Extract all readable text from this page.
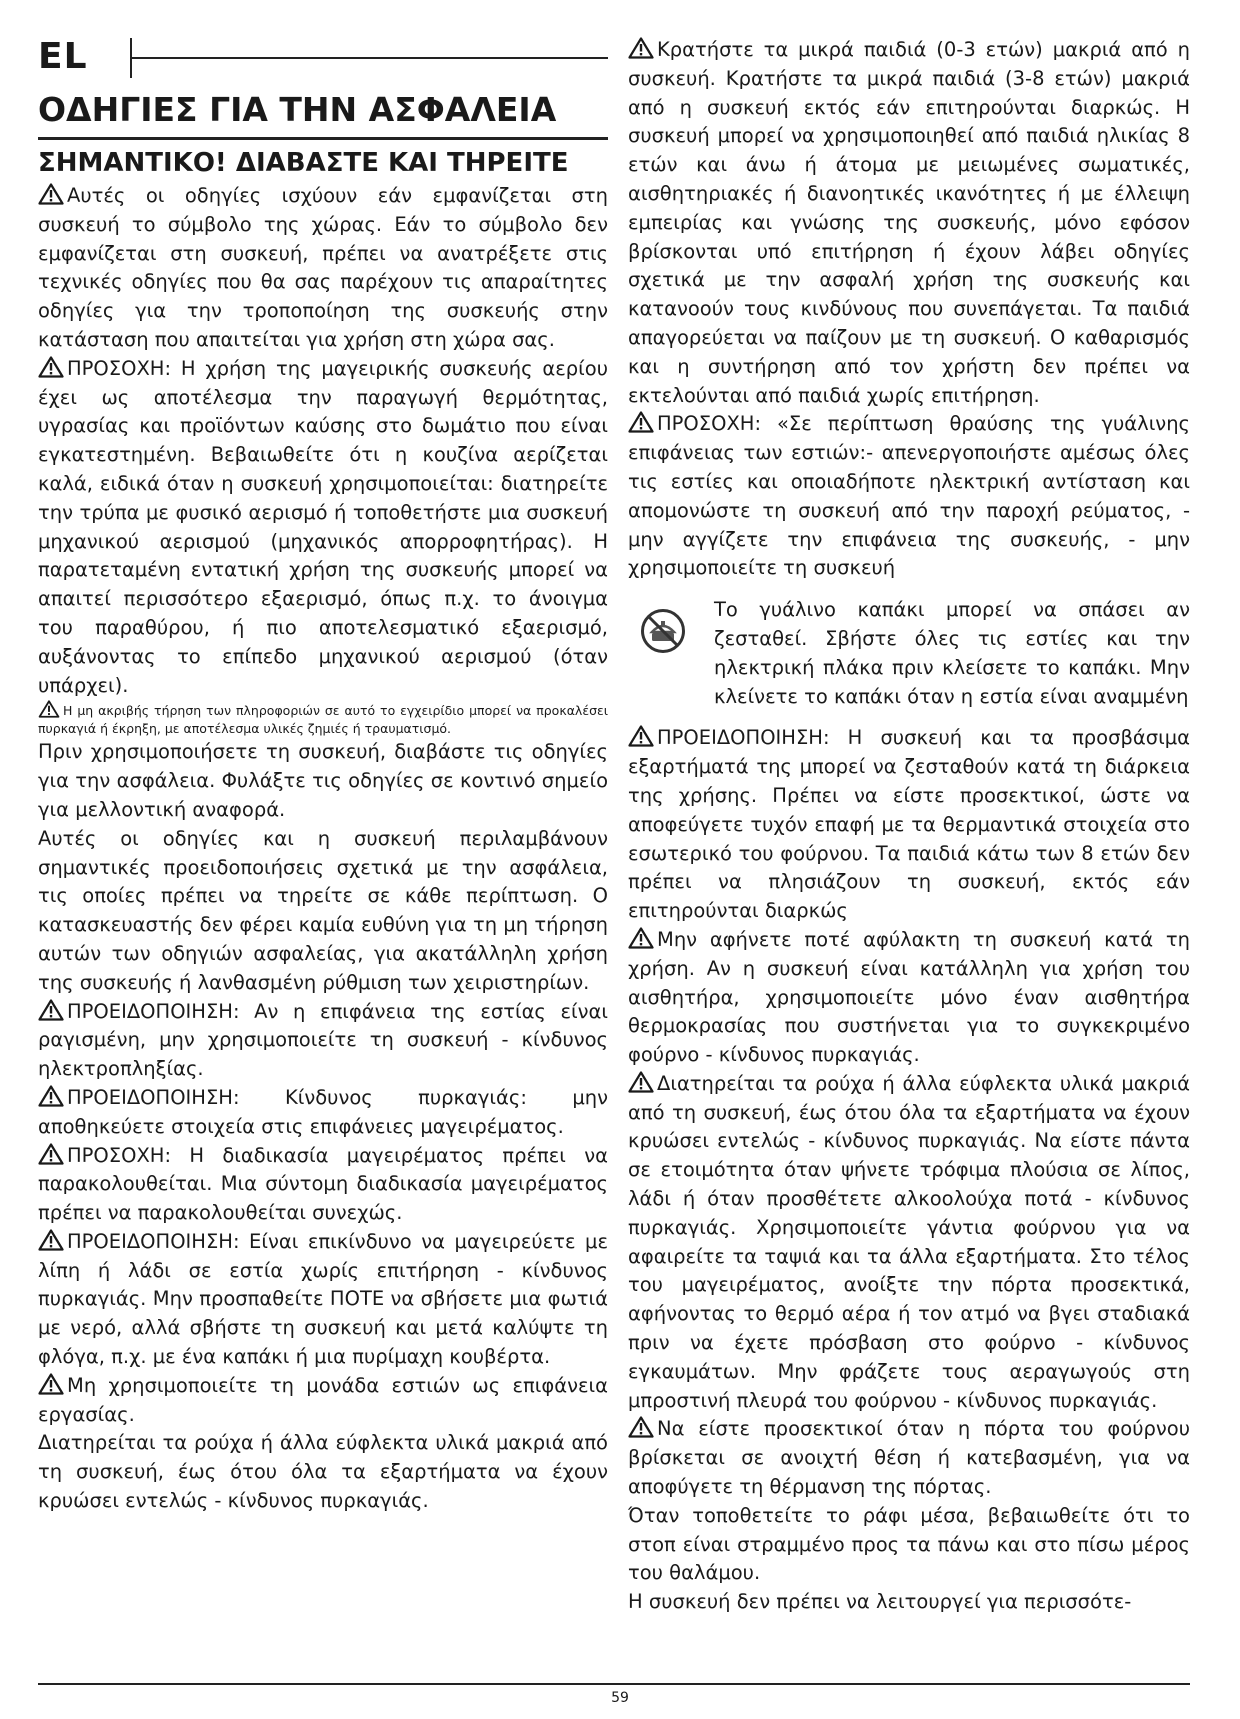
EL
ΟΔΗΓΙΕΣ ΓΙΑ ΤΗΝ ΑΣΦΑΛΕΙΑ
ΣΗΜΑΝΤΙΚΟ! ΔΙΑΒΑΣΤΕ ΚΑΙ ΤΗΡΕΙΤΕ

Αυτές οι οδηγίες ισχύουν εάν εμφανίζεται στη συσκευή το σύμβολο της χώρας. Εάν το σύμβολο δεν εμφανίζεται στη συσκευή, πρέπει να ανατρέξετε στις τεχνικές οδηγίες που θα σας παρέχουν τις απαραίτητες οδηγίες για την τροποποίηση της συσκευής στην κατάσταση που απαιτείται για χρήση στη χώρα σας.

ΠΡΟΣΟΧΗ: Η χρήση της μαγειρικής συσκευής αερίου έχει ως αποτέλεσμα την παραγωγή θερμότητας, υγρασίας και προϊόντων καύσης στο δωμάτιο που είναι εγκατεστημένη. Βεβαιωθείτε ότι η κουζίνα αερίζεται καλά, ειδικά όταν η συσκευή χρησιμοποιείται: διατηρείτε την τρύπα με φυσικό αερισμό ή τοποθετήστε μια συσκευή μηχανικού αερισμού (μηχανικός απορροφητήρας). Η παρατεταμένη εντατική χρήση της συσκευής μπορεί να απαιτεί περισσότερο εξαερισμό, όπως π.χ. το άνοιγμα του παραθύρου, ή πιο αποτελεσματικό εξαερισμό, αυξάνοντας το επίπεδο μηχανικού αερισμού (όταν υπάρχει).

Η μη ακριβής τήρηση των πληροφοριών σε αυτό το εγχειρίδιο μπορεί να προκαλέσει πυρκαγιά ή έκρηξη, με αποτέλεσμα υλικές ζημιές ή τραυματισμό.

Πριν χρησιμοποιήσετε τη συσκευή, διαβάστε τις οδηγίες για την ασφάλεια. Φυλάξτε τις οδηγίες σε κοντινό σημείο για μελλοντική αναφορά.

Αυτές οι οδηγίες και η συσκευή περιλαμβάνουν σημαντικές προειδοποιήσεις σχετικά με την ασφάλεια, τις οποίες πρέπει να τηρείτε σε κάθε περίπτωση. Ο κατασκευαστής δεν φέρει καμία ευθύνη για τη μη τήρηση αυτών των οδηγιών ασφαλείας, για ακατάλληλη χρήση της συσκευής ή λανθασμένη ρύθμιση των χειριστηρίων.

ΠΡΟΕΙΔΟΠΟΙΗΣΗ: Αν η επιφάνεια της εστίας είναι ραγισμένη, μην χρησιμοποιείτε τη συσκευή - κίνδυνος ηλεκτροπληξίας.

ΠΡΟΕΙΔΟΠΟΙΗΣΗ: Κίνδυνος πυρκαγιάς: μην αποθηκεύετε στοιχεία στις επιφάνειες μαγειρέματος.

ΠΡΟΣΟΧΗ: Η διαδικασία μαγειρέματος πρέπει να παρακολουθείται. Μια σύντομη διαδικασία μαγειρέματος πρέπει να παρακολουθείται συνεχώς.

ΠΡΟΕΙΔΟΠΟΙΗΣΗ: Είναι επικίνδυνο να μαγειρεύετε με λίπη ή λάδι σε εστία χωρίς επιτήρηση - κίνδυνος πυρκαγιάς. Μην προσπαθείτε ΠΟΤΕ να σβήσετε μια φωτιά με νερό, αλλά σβήστε τη συσκευή και μετά καλύψτε τη φλόγα, π.χ. με ένα καπάκι ή μια πυρίμαχη κουβέρτα.

Μη χρησιμοποιείτε τη μονάδα εστιών ως επιφάνεια εργασίας.

Διατηρείται τα ρούχα ή άλλα εύφλεκτα υλικά μακριά από τη συσκευή, έως ότου όλα τα εξαρτήματα να έχουν κρυώσει εντελώς - κίνδυνος πυρκαγιάς.

Κρατήστε τα μικρά παιδιά (0-3 ετών) μακριά από η συσκευή. Κρατήστε τα μικρά παιδιά (3-8 ετών) μακριά από η συσκευή εκτός εάν επιτηρούνται διαρκώς. Η συσκευή μπορεί να χρησιμοποιηθεί από παιδιά ηλικίας 8 ετών και άνω ή άτομα με μειωμένες σωματικές, αισθητηριακές ή διανοητικές ικανότητες ή με έλλειψη εμπειρίας και γνώσης της συσκευής, μόνο εφόσον βρίσκονται υπό επιτήρηση ή έχουν λάβει οδηγίες σχετικά με την ασφαλή χρήση της συσκευής και κατανοούν τους κινδύνους που συνεπάγεται. Τα παιδιά απαγορεύεται να παίζουν με τη συσκευή. Ο καθαρισμός και η συντήρηση από τον χρήστη δεν πρέπει να εκτελούνται από παιδιά χωρίς επιτήρηση.

ΠΡΟΣΟΧΗ: «Σε περίπτωση θραύσης της γυάλινης επιφάνειας των εστιών:- απενεργοποιήστε αμέσως όλες τις εστίες και οποιαδήποτε ηλεκτρική αντίσταση και απομονώστε τη συσκευή από την παροχή ρεύματος, - μην αγγίζετε την επιφάνεια της συσκευής, - μην χρησιμοποιείτε τη συσκευή

Το γυάλινο καπάκι μπορεί να σπάσει αν ζεσταθεί. Σβήστε όλες τις εστίες και την ηλεκτρική πλάκα πριν κλείσετε το καπάκι. Μην κλείνετε το καπάκι όταν η εστία είναι αναμμένη

ΠΡΟΕΙΔΟΠΟΙΗΣΗ: Η συσκευή και τα προσβάσιμα εξαρτήματά της μπορεί να ζεσταθούν κατά τη διάρκεια της χρήσης. Πρέπει να είστε προσεκτικοί, ώστε να αποφεύγετε τυχόν επαφή με τα θερμαντικά στοιχεία στο εσωτερικό του φούρνου. Τα παιδιά κάτω των 8 ετών δεν πρέπει να πλησιάζουν τη συσκευή, εκτός εάν επιτηρούνται διαρκώς

Μην αφήνετε ποτέ αφύλακτη τη συσκευή κατά τη χρήση. Αν η συσκευή είναι κατάλληλη για χρήση του αισθητήρα, χρησιμοποιείτε μόνο έναν αισθητήρα θερμοκρασίας που συστήνεται για το συγκεκριμένο φούρνο - κίνδυνος πυρκαγιάς.

Διατηρείται τα ρούχα ή άλλα εύφλεκτα υλικά μακριά από τη συσκευή, έως ότου όλα τα εξαρτήματα να έχουν κρυώσει εντελώς - κίνδυνος πυρκαγιάς. Να είστε πάντα σε ετοιμότητα όταν ψήνετε τρόφιμα πλούσια σε λίπος, λάδι ή όταν προσθέτετε αλκοολούχα ποτά - κίνδυνος πυρκαγιάς. Χρησιμοποιείτε γάντια φούρνου για να αφαιρείτε τα ταψιά και τα άλλα εξαρτήματα. Στο τέλος του μαγειρέματος, ανοίξτε την πόρτα προσεκτικά, αφήνοντας το θερμό αέρα ή τον ατμό να βγει σταδιακά πριν να έχετε πρόσβαση στο φούρνο - κίνδυνος εγκαυμάτων. Μην φράζετε τους αεραγωγούς στη μπροστινή πλευρά του φούρνου - κίνδυνος πυρκαγιάς.

Να είστε προσεκτικοί όταν η πόρτα του φούρνου βρίσκεται σε ανοιχτή θέση ή κατεβασμένη, για να αποφύγετε τη θέρμανση της πόρτας.

Όταν τοποθετείτε το ράφι μέσα, βεβαιωθείτε ότι το στοπ είναι στραμμένο προς τα πάνω και στο πίσω μέρος του θαλάμου.

Η συσκευή δεν πρέπει να λειτουργεί για περισσότε-

59
